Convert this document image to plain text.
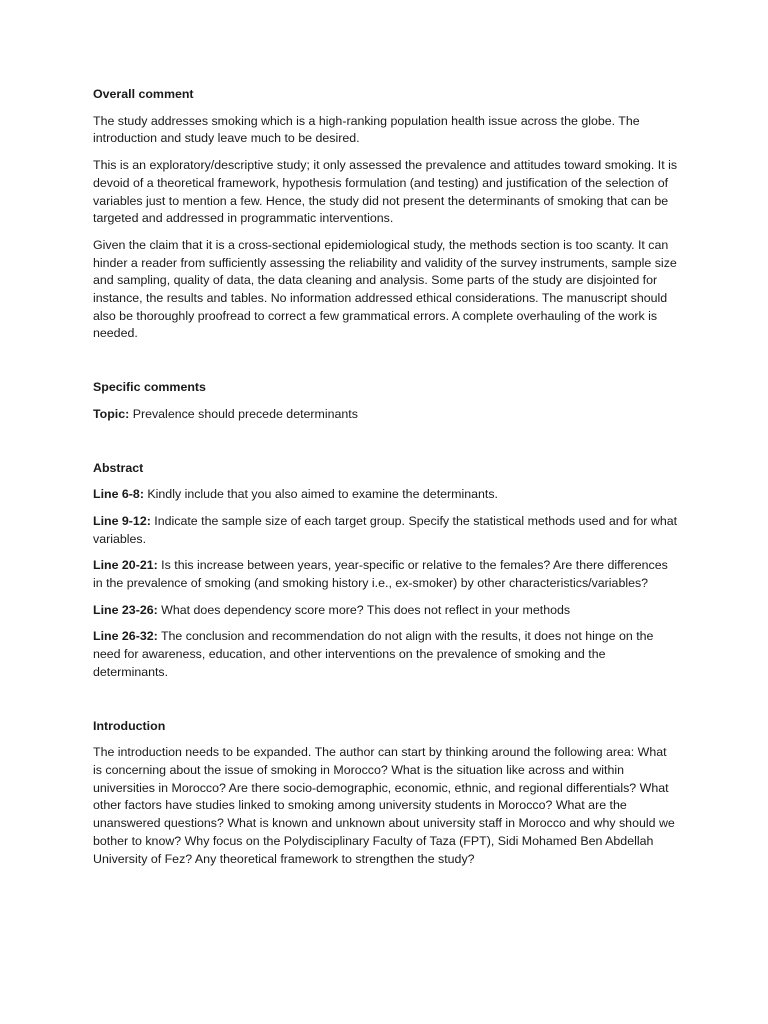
Overall comment

The study addresses smoking which is a high-ranking population health issue across the globe. The introduction and study leave much to be desired.

This is an exploratory/descriptive study; it only assessed the prevalence and attitudes toward smoking. It is devoid of a theoretical framework, hypothesis formulation (and testing) and justification of the selection of variables just to mention a few. Hence, the study did not present the determinants of smoking that can be targeted and addressed in programmatic interventions.

Given the claim that it is a cross-sectional epidemiological study, the methods section is too scanty. It can hinder a reader from sufficiently assessing the reliability and validity of the survey instruments, sample size and sampling, quality of data, the data cleaning and analysis. Some parts of the study are disjointed for instance, the results and tables. No information addressed ethical considerations. The manuscript should also be thoroughly proofread to correct a few grammatical errors. A complete overhauling of the work is needed.

Specific comments

Topic: Prevalence should precede determinants

Abstract

Line 6-8: Kindly include that you also aimed to examine the determinants.

Line 9-12: Indicate the sample size of each target group. Specify the statistical methods used and for what variables.

Line 20-21: Is this increase between years, year-specific or relative to the females? Are there differences in the prevalence of smoking (and smoking history i.e., ex-smoker) by other characteristics/variables?

Line 23-26: What does dependency score more? This does not reflect in your methods

Line 26-32: The conclusion and recommendation do not align with the results, it does not hinge on the need for awareness, education, and other interventions on the prevalence of smoking and the determinants.

Introduction

The introduction needs to be expanded. The author can start by thinking around the following area: What is concerning about the issue of smoking in Morocco? What is the situation like across and within universities in Morocco? Are there socio-demographic, economic, ethnic, and regional differentials? What other factors have studies linked to smoking among university students in Morocco? What are the unanswered questions? What is known and unknown about university staff in Morocco and why should we bother to know? Why focus on the Polydisciplinary Faculty of Taza (FPT), Sidi Mohamed Ben Abdellah University of Fez? Any theoretical framework to strengthen the study?
